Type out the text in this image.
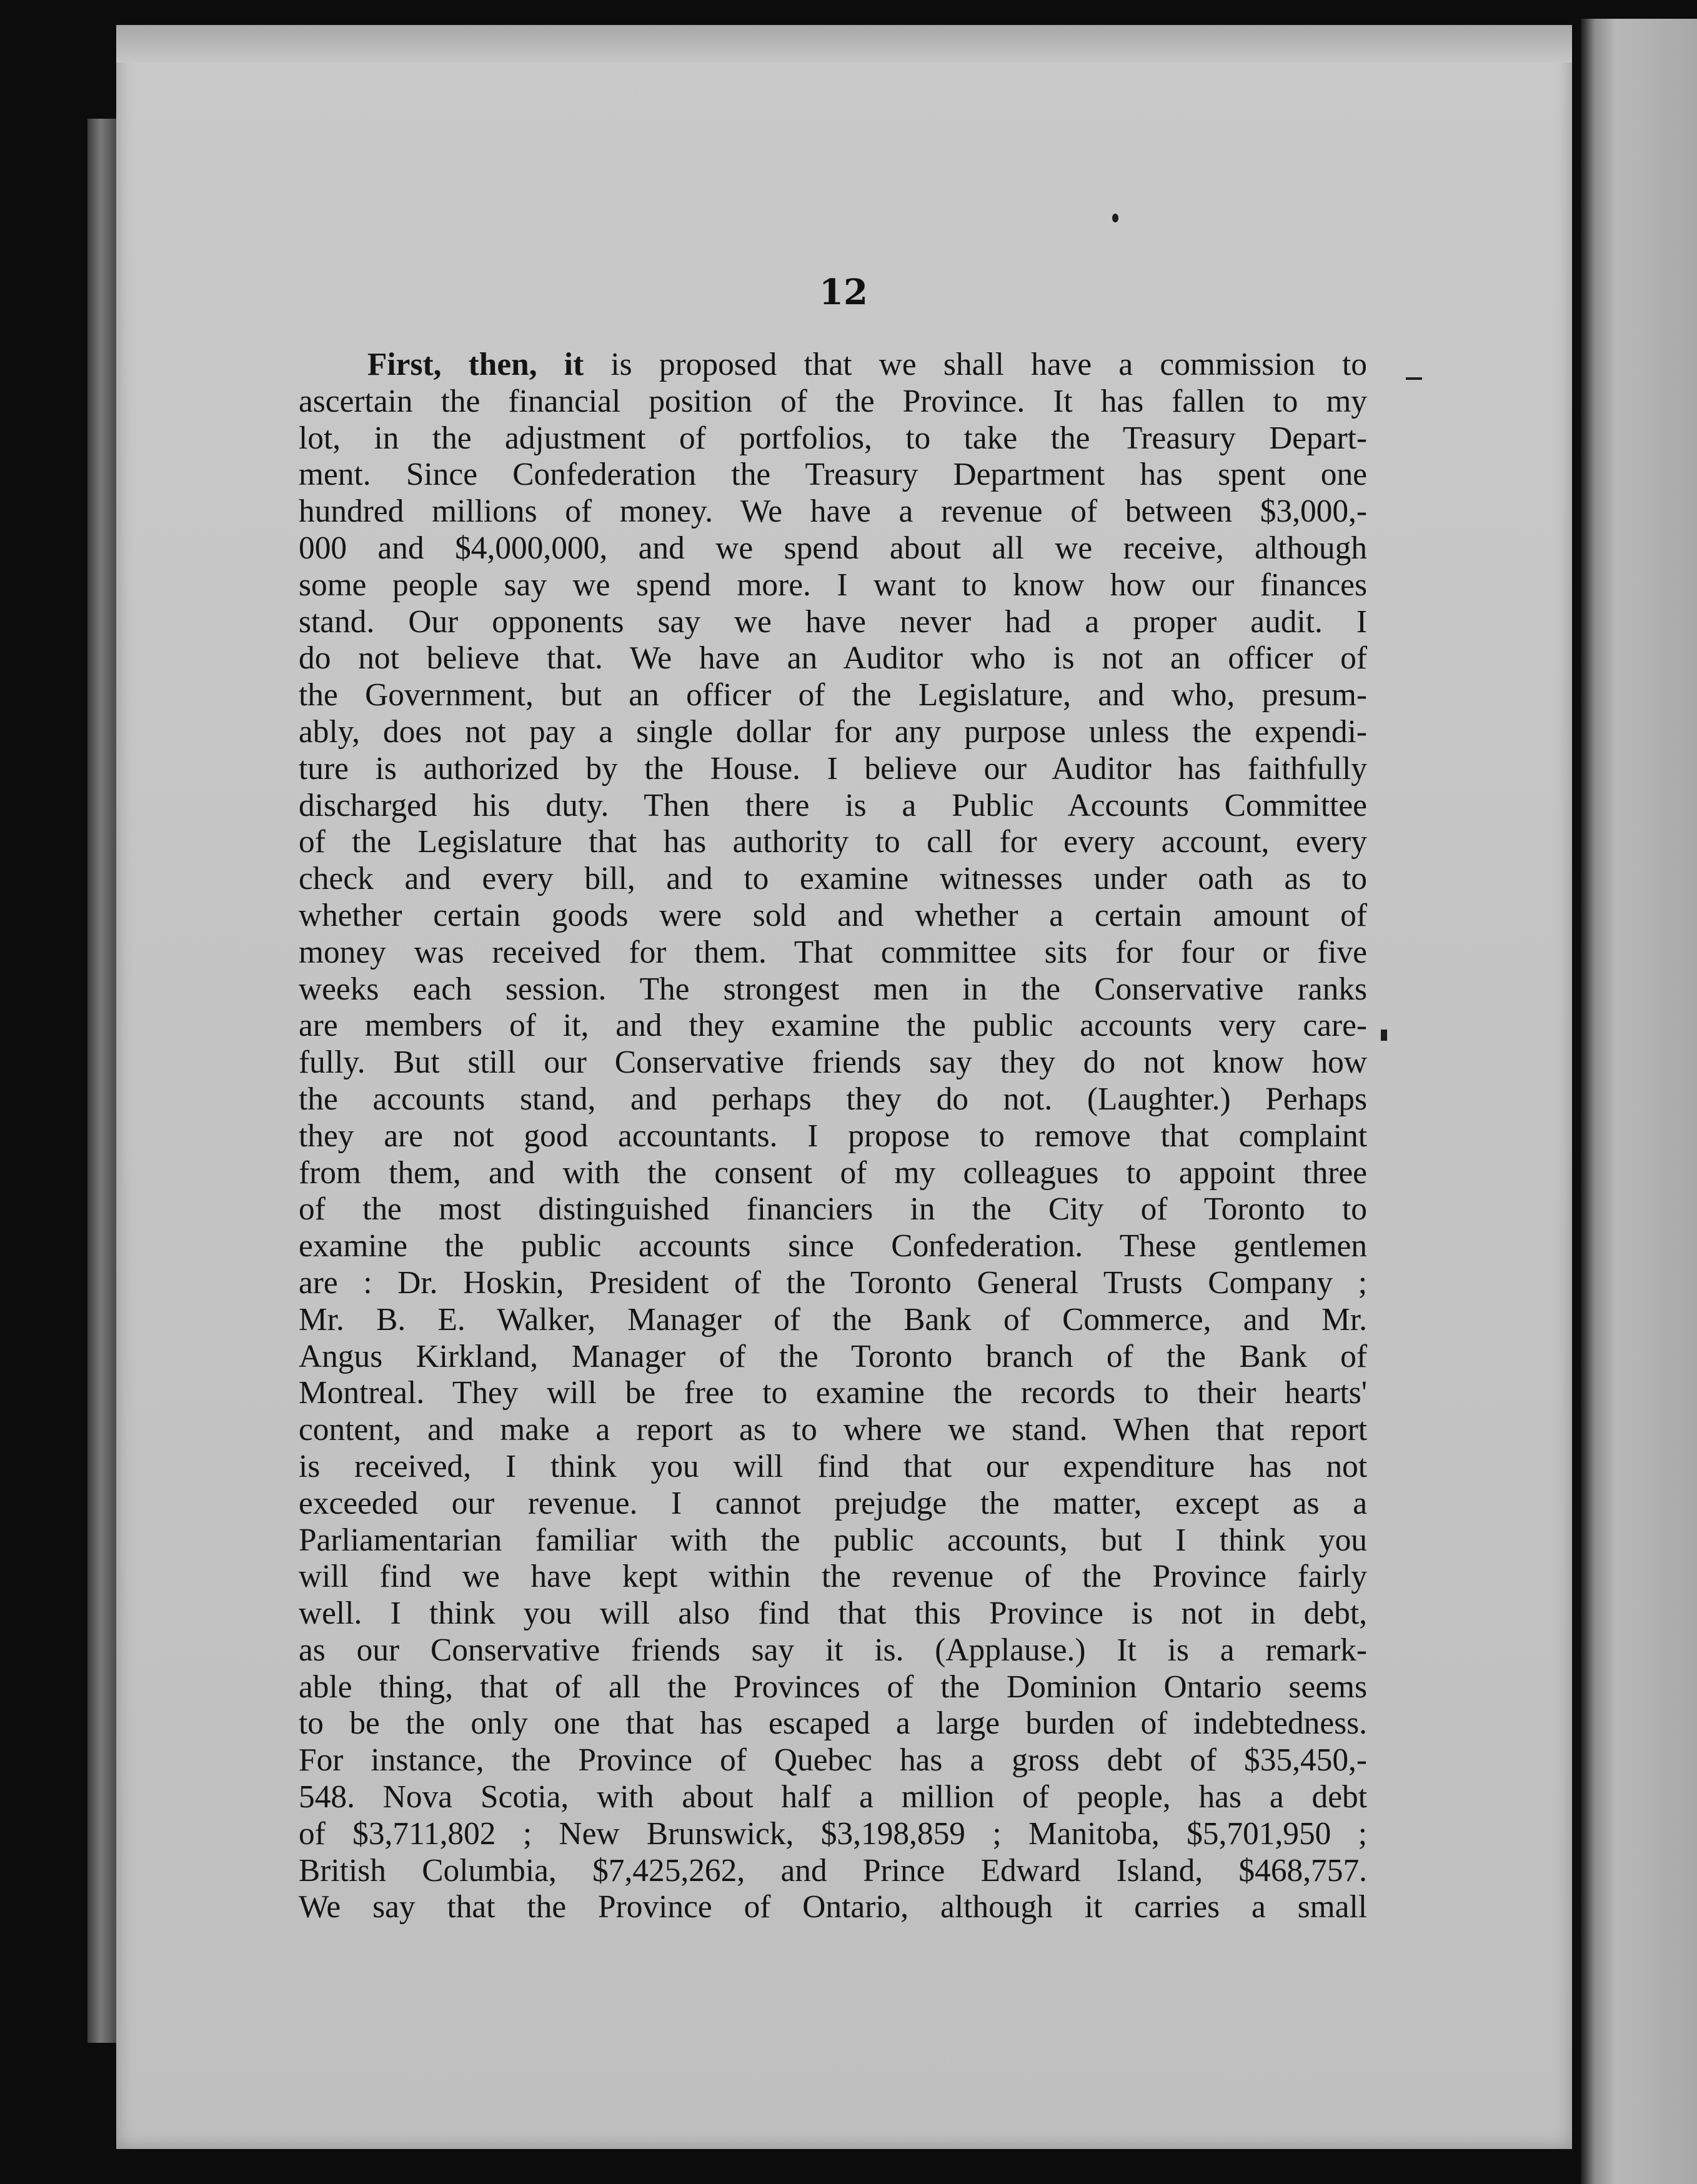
12
First, then, it is proposed that we shall have a commission to
ascertain the financial position of the Province. It has fallen to my
lot, in the adjustment of portfolios, to take the Treasury Depart-
ment. Since Confederation the Treasury Department has spent one
hundred millions of money. We have a revenue of between $3,000,-
000 and $4,000,000, and we spend about all we receive, although
some people say we spend more. I want to know how our finances
stand. Our opponents say we have never had a proper audit. I
do not believe that. We have an Auditor who is not an officer of
the Government, but an officer of the Legislature, and who, presum-
ably, does not pay a single dollar for any purpose unless the expendi-
ture is authorized by the House. I believe our Auditor has faithfully
discharged his duty. Then there is a Public Accounts Committee
of the Legislature that has authority to call for every account, every
check and every bill, and to examine witnesses under oath as to
whether certain goods were sold and whether a certain amount of
money was received for them. That committee sits for four or five
weeks each session. The strongest men in the Conservative ranks
are members of it, and they examine the public accounts very care-
fully. But still our Conservative friends say they do not know how
the accounts stand, and perhaps they do not. (Laughter.) Perhaps
they are not good accountants. I propose to remove that complaint
from them, and with the consent of my colleagues to appoint three
of the most distinguished financiers in the City of Toronto to
examine the public accounts since Confederation. These gentlemen
are : Dr. Hoskin, President of the Toronto General Trusts Company ;
Mr. B. E. Walker, Manager of the Bank of Commerce, and Mr.
Angus Kirkland, Manager of the Toronto branch of the Bank of
Montreal. They will be free to examine the records to their hearts'
content, and make a report as to where we stand. When that report
is received, I think you will find that our expenditure has not
exceeded our revenue. I cannot prejudge the matter, except as a
Parliamentarian familiar with the public accounts, but I think you
will find we have kept within the revenue of the Province fairly
well. I think you will also find that this Province is not in debt,
as our Conservative friends say it is. (Applause.) It is a remark-
able thing, that of all the Provinces of the Dominion Ontario seems
to be the only one that has escaped a large burden of indebtedness.
For instance, the Province of Quebec has a gross debt of $35,450,-
548. Nova Scotia, with about half a million of people, has a debt
of $3,711,802 ; New Brunswick, $3,198,859 ; Manitoba, $5,701,950 ;
British Columbia, $7,425,262, and Prince Edward Island, $468,757.
We say that the Province of Ontario, although it carries a small
